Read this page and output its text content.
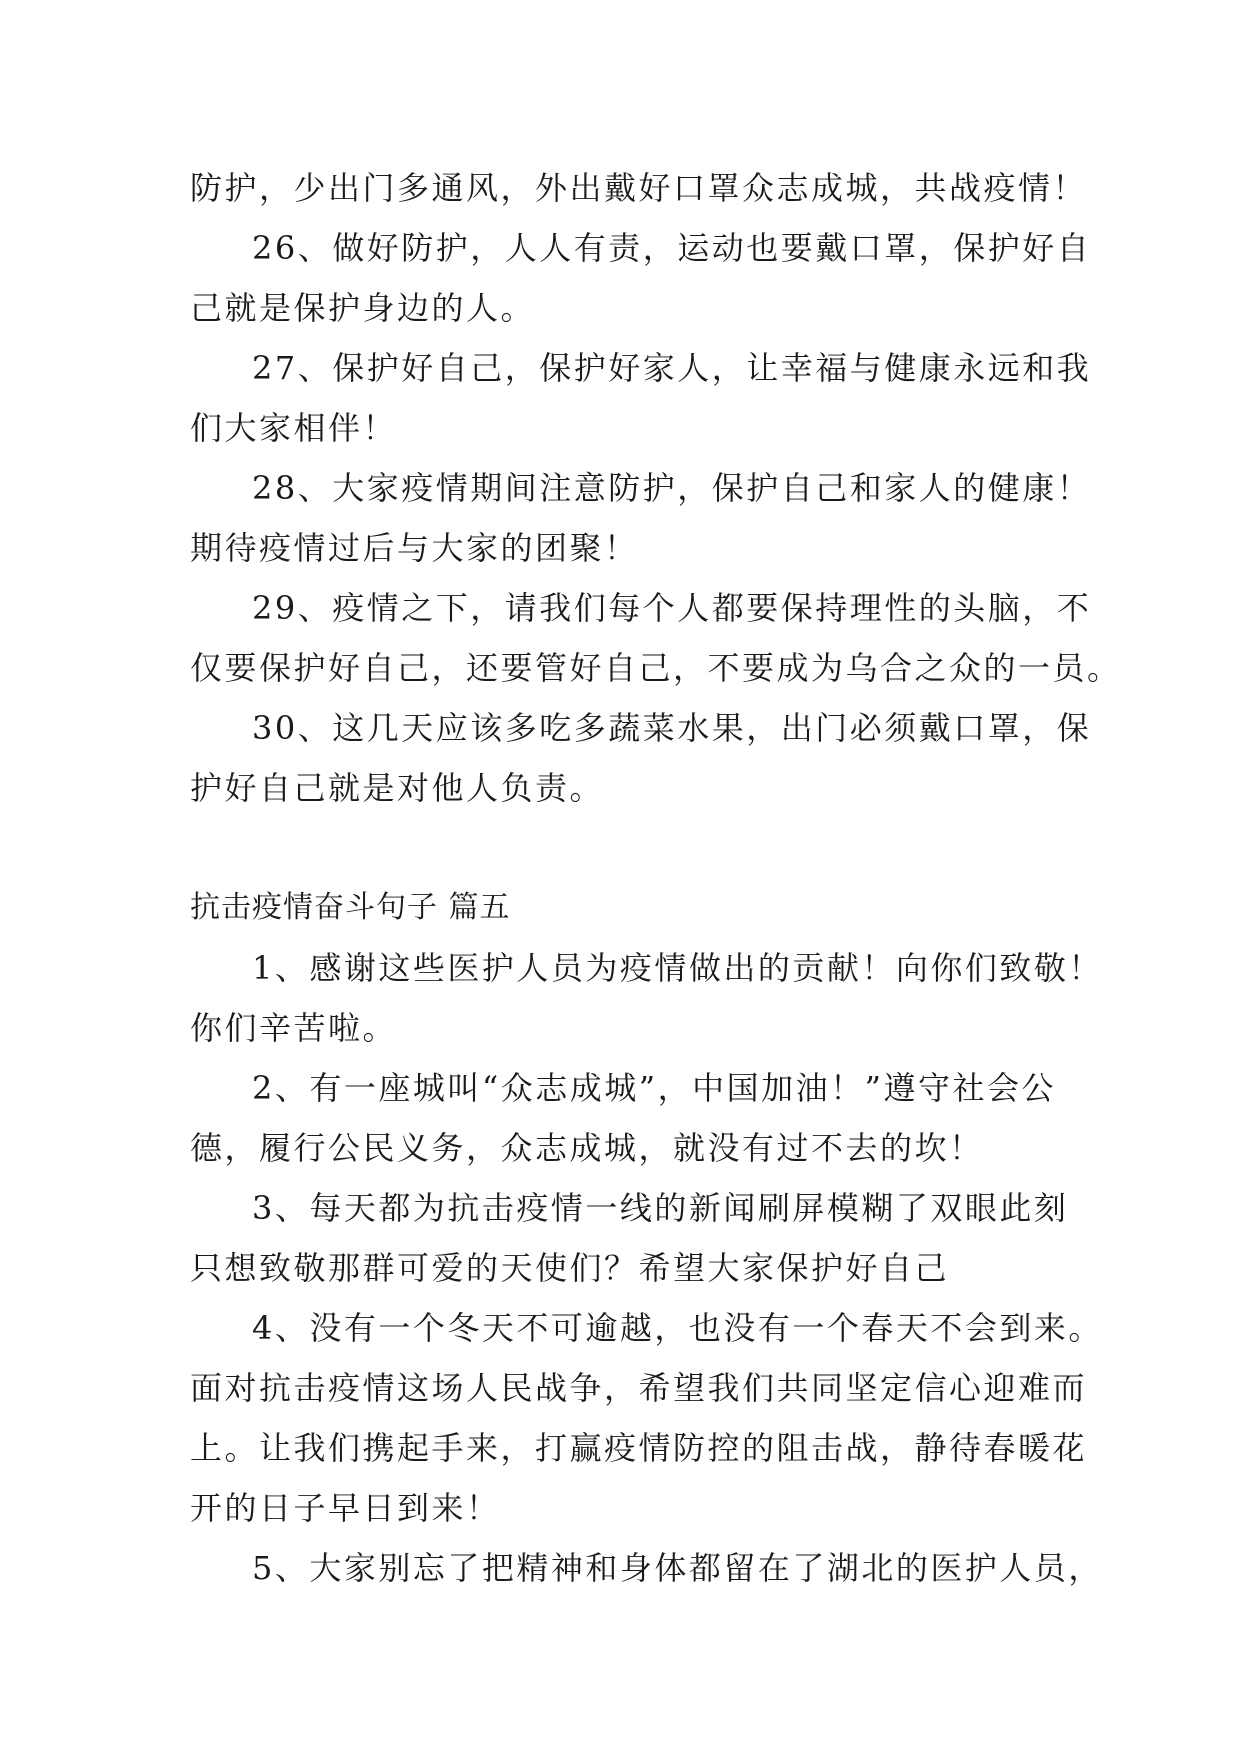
防护，少出门多通风，外出戴好口罩众志成城，共战疫情！
26、做好防护，人人有责，运动也要戴口罩，保护好自
己就是保护身边的人。
27、保护好自己，保护好家人，让幸福与健康永远和我
们大家相伴！
28、大家疫情期间注意防护，保护自己和家人的健康！
期待疫情过后与大家的团聚！
29、疫情之下，请我们每个人都要保持理性的头脑，不
仅要保护好自己，还要管好自己，不要成为乌合之众的一员。
30、这几天应该多吃多蔬菜水果，出门必须戴口罩，保
护好自己就是对他人负责。
抗击疫情奋斗句子 篇五
1、感谢这些医护人员为疫情做出的贡献！向你们致敬！
你们辛苦啦。
2、有一座城叫“众志成城”，中国加油！”遵守社会公
德，履行公民义务，众志成城，就没有过不去的坎！
3、每天都为抗击疫情一线的新闻刷屏模糊了双眼此刻
只想致敬那群可爱的天使们？希望大家保护好自己
4、没有一个冬天不可逾越，也没有一个春天不会到来。
面对抗击疫情这场人民战争，希望我们共同坚定信心迎难而
上。让我们携起手来，打赢疫情防控的阻击战，静待春暖花
开的日子早日到来！
5、大家别忘了把精神和身体都留在了湖北的医护人员，
